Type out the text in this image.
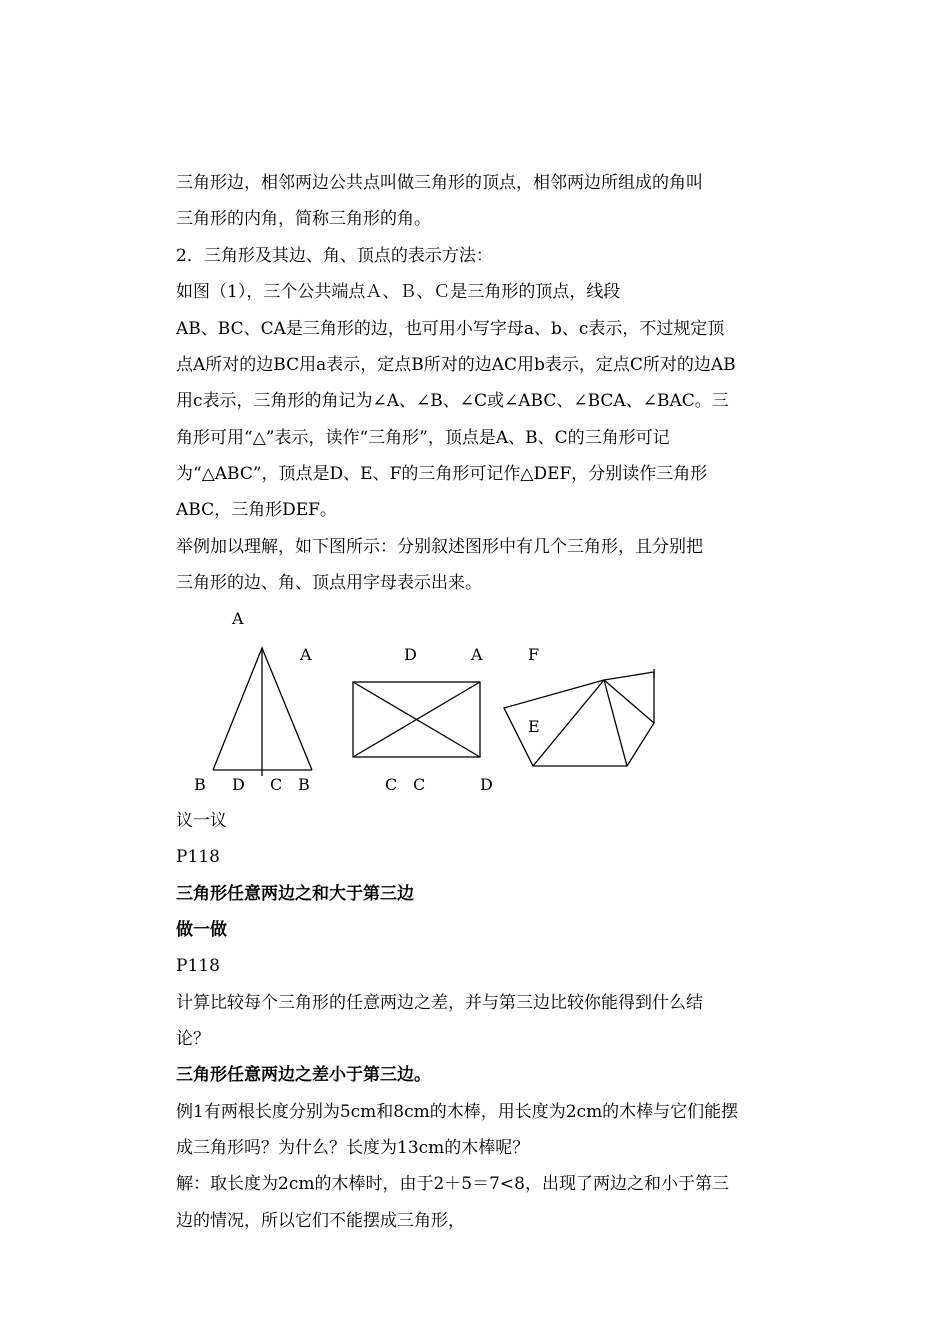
三角形边，相邻两边公共点叫做三角形的顶点，相邻两边所组成的角叫
三角形的内角，简称三角形的角。
2．三角形及其边、角、顶点的表示方法：
如图（1），三个公共端点Ａ、Ｂ、Ｃ是三角形的顶点，线段
AB、BC、CA是三角形的边，也可用小写字母a、b、c表示，不过规定顶
点A所对的边BC用a表示，定点B所对的边AC用b表示，定点C所对的边AB
用c表示，三角形的角记为∠A、∠B、∠C或∠ABC、∠BCA、∠BAC。三
角形可用“△”表示，读作“三角形”，顶点是A、B、C的三角形可记
为“△ABC”，顶点是D、E、F的三角形可记作△DEF，分别读作三角形
ABC，三角形DEF。
举例加以理解，如下图所示：分别叙述图形中有几个三角形，且分别把
三角形的边、角、顶点用字母表示出来。
A
A
B D C B
D	A
C C	D
F
E
议一议
P118
三角形任意两边之和大于第三边
做一做
P118
计算比较每个三角形的任意两边之差，并与第三边比较你能得到什么结
论？
三角形任意两边之差小于第三边。
例1有两根长度分别为5cm和8cm的木棒，用长度为2cm的木棒与它们能摆
成三角形吗？为什么？长度为13cm的木棒呢？
解：取长度为2cm的木棒时，由于2＋5＝7<8，出现了两边之和小于第三
边的情况，所以它们不能摆成三角形，
